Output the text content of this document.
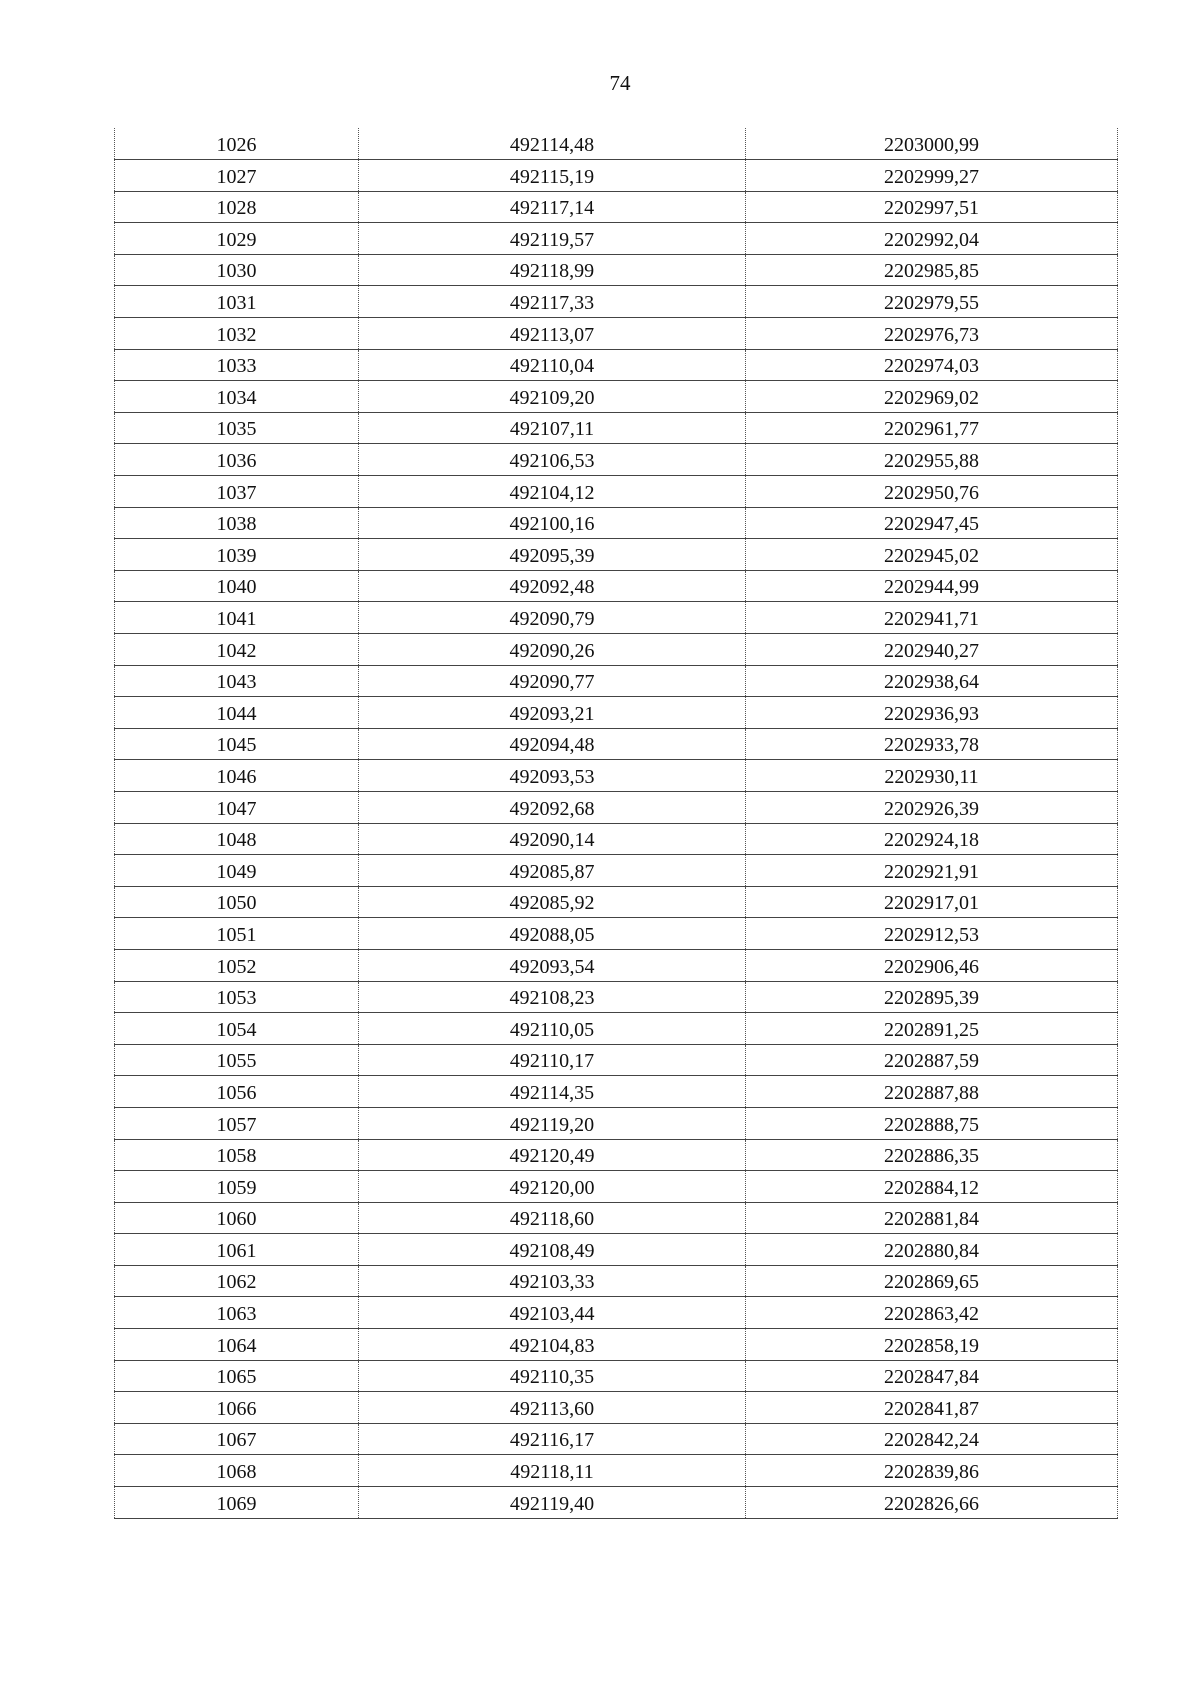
74
1026	492114,48	2203000,99
1027	492115,19	2202999,27
1028	492117,14	2202997,51
1029	492119,57	2202992,04
1030	492118,99	2202985,85
1031	492117,33	2202979,55
1032	492113,07	2202976,73
1033	492110,04	2202974,03
1034	492109,20	2202969,02
1035	492107,11	2202961,77
1036	492106,53	2202955,88
1037	492104,12	2202950,76
1038	492100,16	2202947,45
1039	492095,39	2202945,02
1040	492092,48	2202944,99
1041	492090,79	2202941,71
1042	492090,26	2202940,27
1043	492090,77	2202938,64
1044	492093,21	2202936,93
1045	492094,48	2202933,78
1046	492093,53	2202930,11
1047	492092,68	2202926,39
1048	492090,14	2202924,18
1049	492085,87	2202921,91
1050	492085,92	2202917,01
1051	492088,05	2202912,53
1052	492093,54	2202906,46
1053	492108,23	2202895,39
1054	492110,05	2202891,25
1055	492110,17	2202887,59
1056	492114,35	2202887,88
1057	492119,20	2202888,75
1058	492120,49	2202886,35
1059	492120,00	2202884,12
1060	492118,60	2202881,84
1061	492108,49	2202880,84
1062	492103,33	2202869,65
1063	492103,44	2202863,42
1064	492104,83	2202858,19
1065	492110,35	2202847,84
1066	492113,60	2202841,87
1067	492116,17	2202842,24
1068	492118,11	2202839,86
1069	492119,40	2202826,66
